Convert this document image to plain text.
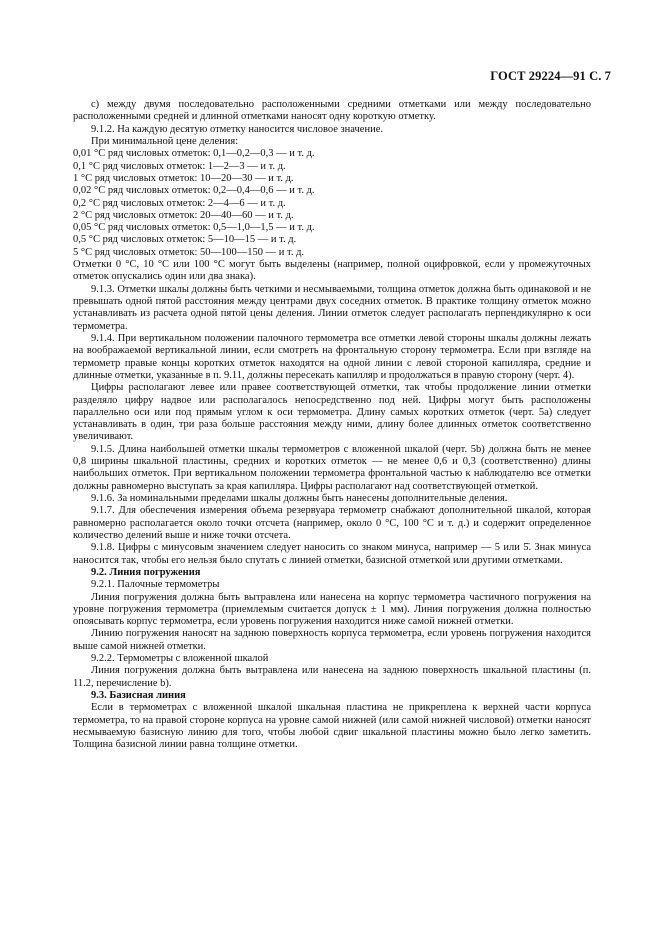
ГОСТ 29224—91 С. 7

с) между двумя последовательно расположенными средними отметками или между последовательно расположенными средней и длинной отметками наносят одну короткую отметку.

9.1.2. На каждую десятую отметку наносится числовое значение.

При минимальной цене деления:

0,01 °С ряд числовых отметок: 0,1—0,2—0,3 — и т. д.

0,1 °С ряд числовых отметок: 1—2—3 — и т. д.

1 °С ряд числовых отметок: 10—20—30 — и т. д.

0,02 °С ряд числовых отметок: 0,2—0,4—0,6 — и т. д.

0,2 °С ряд числовых отметок: 2—4—6 — и т. д.

2 °С ряд числовых отметок: 20—40—60 — и т. д.

0,05 °С ряд числовых отметок: 0,5—1,0—1,5 — и т. д.

0,5 °С ряд числовых отметок: 5—10—15 — и т. д.

5 °С ряд числовых отметок: 50—100—150 — и т. д.

Отметки 0 °С, 10 °С или 100 °С могут быть выделены (например, полной оцифровкой, если у промежуточных отметок опускались один или два знака).

9.1.3. Отметки шкалы должны быть четкими и несмываемыми, толщина отметок должна быть одинаковой и не превышать одной пятой расстояния между центрами двух соседних отметок. В практике толщину отметок можно устанавливать из расчета одной пятой цены деления. Линии отметок следует располагать перпендикулярно к оси термометра.

9.1.4. При вертикальном положении палочного термометра все отметки левой стороны шкалы должны лежать на воображаемой вертикальной линии, если смотреть на фронтальную сторону термометра. Если при взгляде на термометр правые концы коротких отметок находятся на одной линии с левой стороной капилляра, средние и длинные отметки, указанные в п. 9.11, должны пересекать капилляр и продолжаться в правую сторону (черт. 4).

Цифры располагают левее или правее соответствующей отметки, так чтобы продолжение линии отметки разделяло цифру надвое или располагалось непосредственно под ней. Цифры могут быть расположены параллельно оси или под прямым углом к оси термометра. Длину самых коротких отметок (черт. 5а) следует устанавливать в один, три раза больше расстояния между ними, длину более длинных отметок соответственно увеличивают.

9.1.5. Длина наибольшей отметки шкалы термометров с вложенной шкалой (черт. 5b) должна быть не менее 0,8 ширины шкальной пластины, средних и коротких отметок — не менее 0,6 и 0,3 (соответственно) длины наибольших отметок. При вертикальном положении термометра фронтальной частью к наблюдателю все отметки должны равномерно выступать за края капилляра. Цифры располагают над соответствующей отметкой.

9.1.6. За номинальными пределами шкалы должны быть нанесены дополнительные деления.

9.1.7. Для обеспечения измерения объема резервуара термометр снабжают дополнительной шкалой, которая равномерно располагается около точки отсчета (например, около 0 °С, 100 °С и т. д.) и содержит определенное количество делений выше и ниже точки отсчета.

9.1.8. Цифры с минусовым значением следует наносить со знаком минуса, например — 5 или 5̄. Знак минуса наносится так, чтобы его нельзя было спутать с линией отметки, базисной отметкой или другими отметками.

9.2. Линия погружения

9.2.1. Палочные термометры

Линия погружения должна быть вытравлена или нанесена на корпус термометра частичного погружения на уровне погружения термометра (приемлемым считается допуск ± 1 мм). Линия погружения должна полностью опоясывать корпус термометра, если уровень погружения находится ниже самой нижней отметки.

Линию погружения наносят на заднюю поверхность корпуса термометра, если уровень погружения находится выше самой нижней отметки.

9.2.2. Термометры с вложенной шкалой

Линия погружения должна быть вытравлена или нанесена на заднюю поверхность шкальной пластины (п. 11.2, перечисление b).

9.3. Базисная линия

Если в термометрах с вложенной шкалой шкальная пластина не прикреплена к верхней части корпуса термометра, то на правой стороне корпуса на уровне самой нижней (или самой нижней числовой) отметки наносят несмываемую базисную линию для того, чтобы любой сдвиг шкальной пластины можно было легко заметить. Толщина базисной линии равна толщине отметки.
